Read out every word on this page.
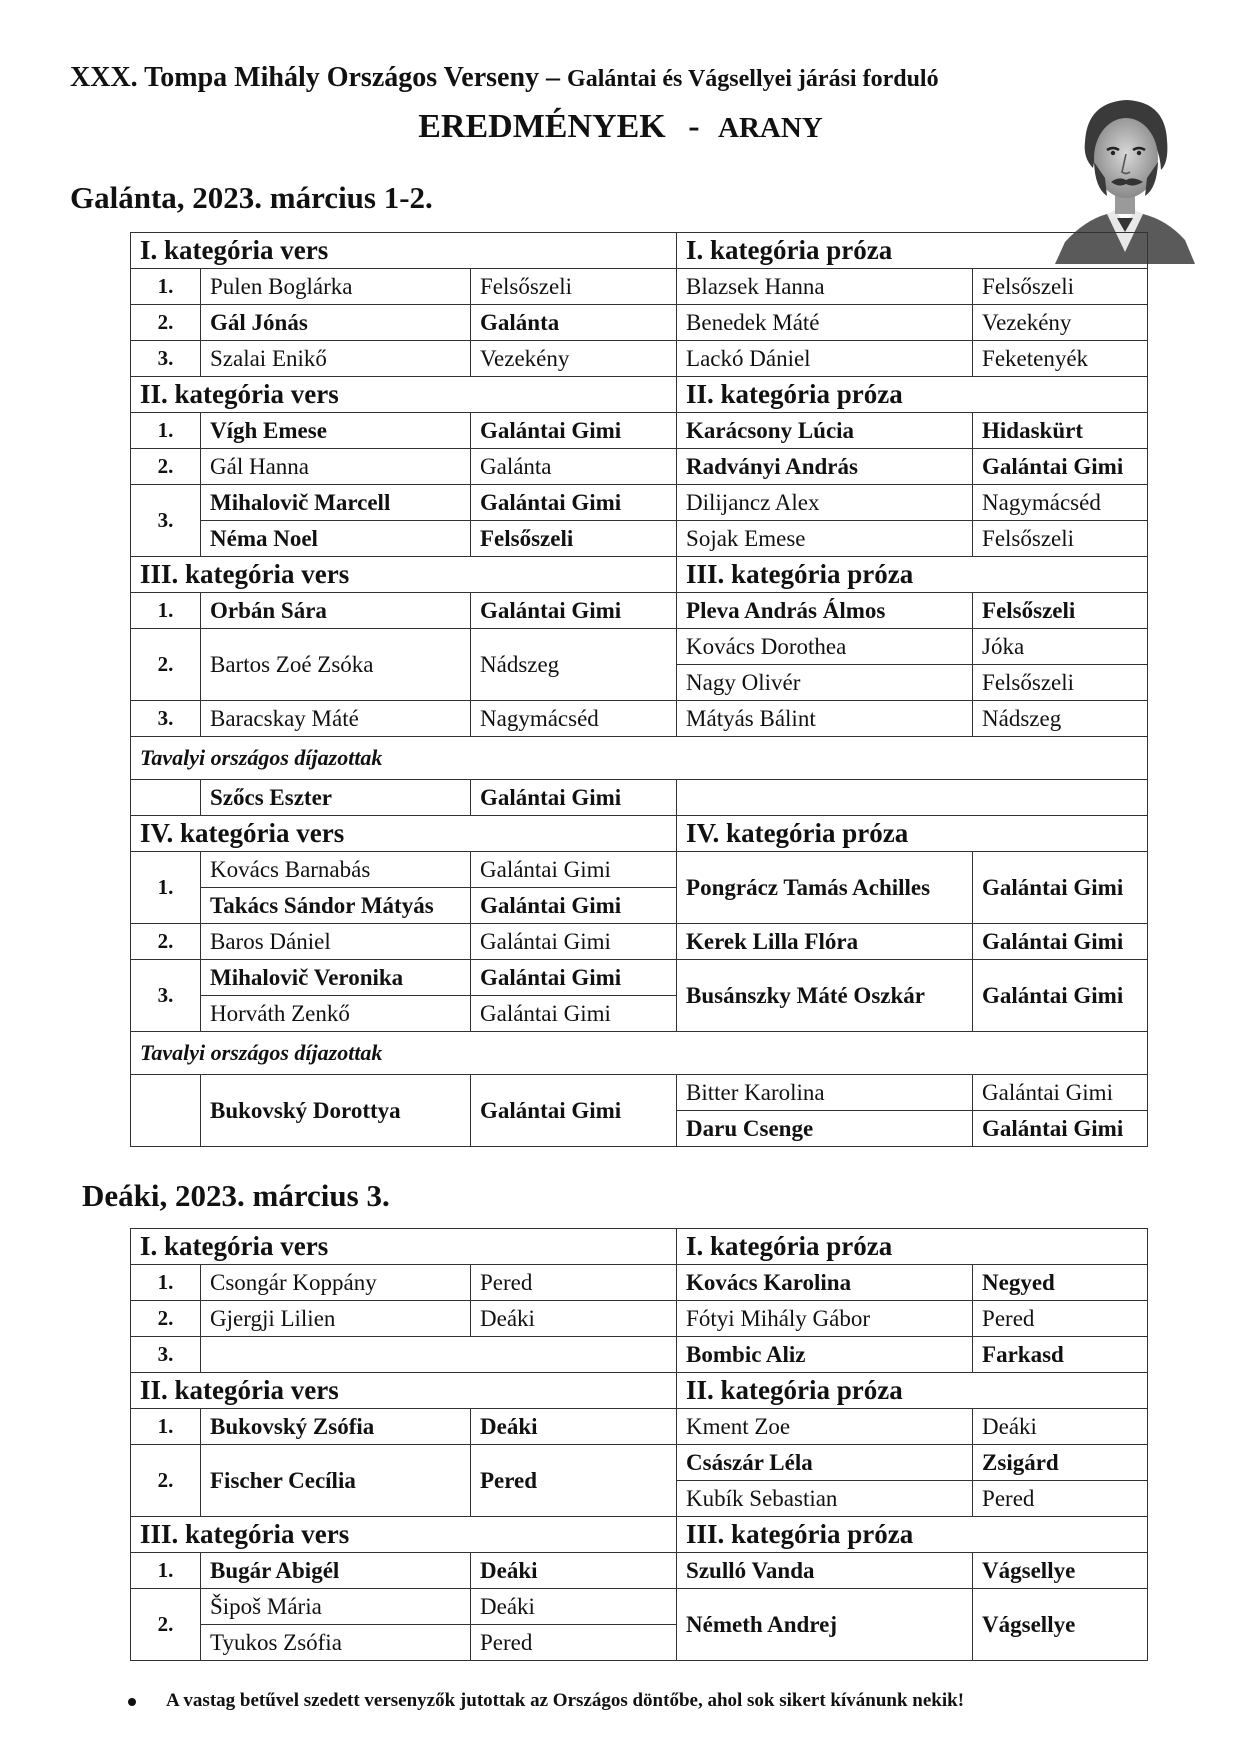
XXX. Tompa Mihály Országos Verseny – Galántai és Vágsellyei járási forduló
EREDMÉNYEK - ARANY
Galánta, 2023. március 1-2.
I. kategória vers			I. kategória próza	
1.	Pulen Boglárka	Felsőszeli	Blazsek Hanna	Felsőszeli
2.	Gál Jónás	Galánta	Benedek Máté	Vezekény
3.	Szalai Enikő	Vezekény	Lackó Dániel	Feketenyék
II. kategória vers			II. kategória próza	
1.	Vígh Emese	Galántai Gimi	Karácsony Lúcia	Hidaskürt
2.	Gál Hanna	Galánta	Radványi András	Galántai Gimi
3.	Mihalovič Marcell	Galántai Gimi	Dilijancz Alex	Nagymácséd
	Néma Noel	Felsőszeli	Sojak Emese	Felsőszeli
III. kategória vers			III. kategória próza	
1.	Orbán Sára	Galántai Gimi	Pleva András Álmos	Felsőszeli
2.	Bartos Zoé Zsóka	Nádszeg	Kovács Dorothea	Jóka
			Nagy Olivér	Felsőszeli
3.	Baracskay Máté	Nagymácséd	Mátyás Bálint	Nádszeg
Tavalyi országos díjazottak				
	Szőcs Eszter	Galántai Gimi		
IV. kategória vers			IV. kategória próza	
1.	Kovács Barnabás	Galántai Gimi	Pongrácz Tamás Achilles	Galántai Gimi
	Takács Sándor Mátyás	Galántai Gimi		
2.	Baros Dániel	Galántai Gimi	Kerek Lilla Flóra	Galántai Gimi
3.	Mihalovič Veronika	Galántai Gimi	Busánszky Máté Oszkár	Galántai Gimi
	Horváth Zenkő	Galántai Gimi		
Tavalyi országos díjazottak				
	Bukovský Dorottya	Galántai Gimi	Bitter Karolina	Galántai Gimi
			Daru Csenge	Galántai Gimi
Deáki, 2023. március 3.
I. kategória vers			I. kategória próza	
1.	Csongár Koppány	Pered	Kovács Karolina	Negyed
2.	Gjergji Lilien	Deáki	Fótyi Mihály Gábor	Pered
3.			Bombic Aliz	Farkasd
II. kategória vers			II. kategória próza	
1.	Bukovský Zsófia	Deáki	Kment Zoe	Deáki
2.	Fischer Cecília	Pered	Császár Léla	Zsigárd
			Kubík Sebastian	Pered
III. kategória vers			III. kategória próza	
1.	Bugár Abigél	Deáki	Szulló Vanda	Vágsellye
2.	Šipoš Mária	Deáki	Németh Andrej	Vágsellye
	Tyukos Zsófia	Pered		
A vastag betűvel szedett versenyzők jutottak az Országos döntőbe, ahol sok sikert kívánunk nekik!
